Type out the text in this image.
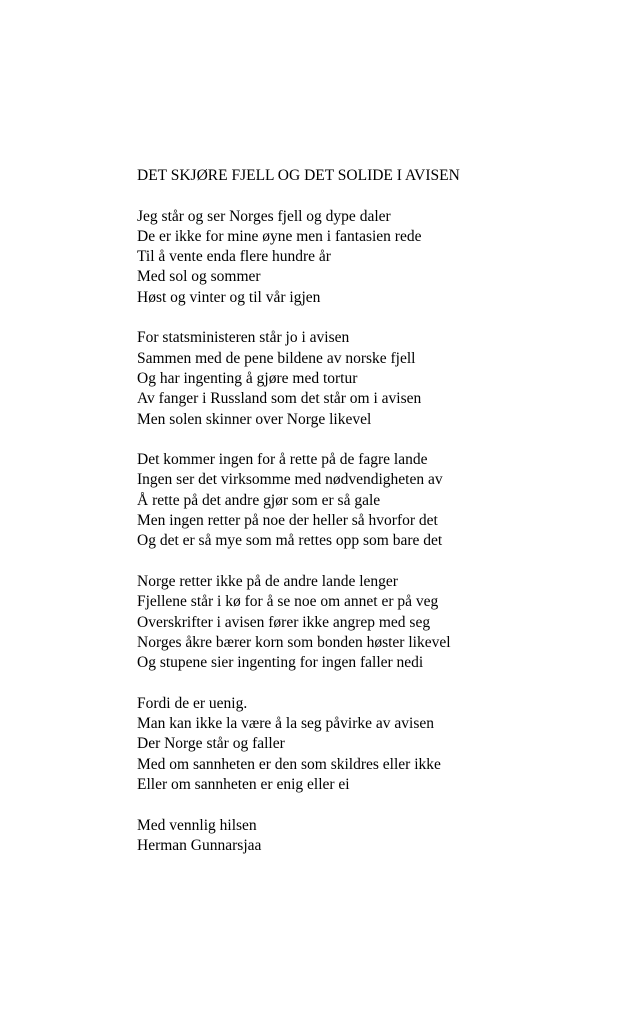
DET SKJØRE FJELL OG DET SOLIDE I AVISEN
Jeg står og ser Norges fjell og dype daler
De er ikke for mine øyne men i fantasien rede
Til å vente enda flere hundre år
Med sol og sommer
Høst og vinter og til vår igjen
For statsministeren står jo i avisen
Sammen med de pene bildene av norske fjell
Og har ingenting å gjøre med tortur
Av fanger i Russland som det står om i avisen
Men solen skinner over Norge likevel
Det kommer ingen for å rette på de fagre lande
Ingen ser det virksomme med nødvendigheten av
Å rette på det andre gjør som er så gale
Men ingen retter på noe der heller så hvorfor det
Og det er så mye som må rettes opp som bare det
Norge retter ikke på de andre lande lenger
Fjellene står i kø for å se noe om annet er på veg
Overskrifter i avisen fører ikke angrep med seg
Norges åkre bærer korn som bonden høster likevel
Og stupene sier ingenting for ingen faller nedi
Fordi de er uenig.
Man kan ikke la være å la seg påvirke av avisen
Der Norge står og faller
Med om sannheten er den som skildres eller ikke
Eller om sannheten er enig eller ei
Med vennlig hilsen
Herman Gunnarsjaa
